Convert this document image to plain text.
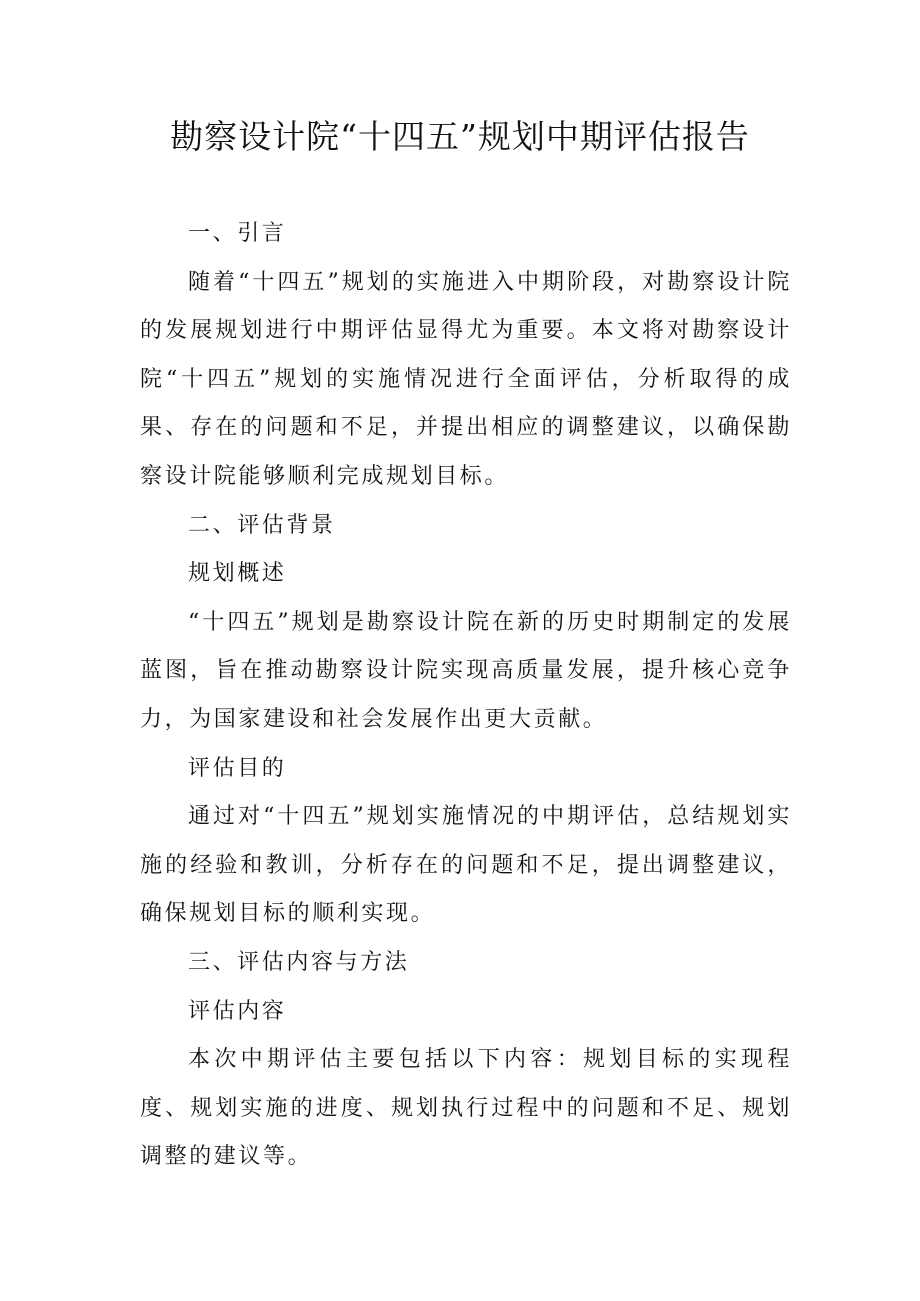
勘察设计院“十四五”规划中期评估报告

一、引言

随着“十四五”规划的实施进入中期阶段，对勘察设计院的发展规划进行中期评估显得尤为重要。本文将对勘察设计院“十四五”规划的实施情况进行全面评估，分析取得的成果、存在的问题和不足，并提出相应的调整建议，以确保勘察设计院能够顺利完成规划目标。

二、评估背景

规划概述

“十四五”规划是勘察设计院在新的历史时期制定的发展蓝图，旨在推动勘察设计院实现高质量发展，提升核心竞争力，为国家建设和社会发展作出更大贡献。

评估目的

通过对“十四五”规划实施情况的中期评估，总结规划实施的经验和教训，分析存在的问题和不足，提出调整建议，确保规划目标的顺利实现。

三、评估内容与方法

评估内容

本次中期评估主要包括以下内容：规划目标的实现程度、规划实施的进度、规划执行过程中的问题和不足、规划调整的建议等。
